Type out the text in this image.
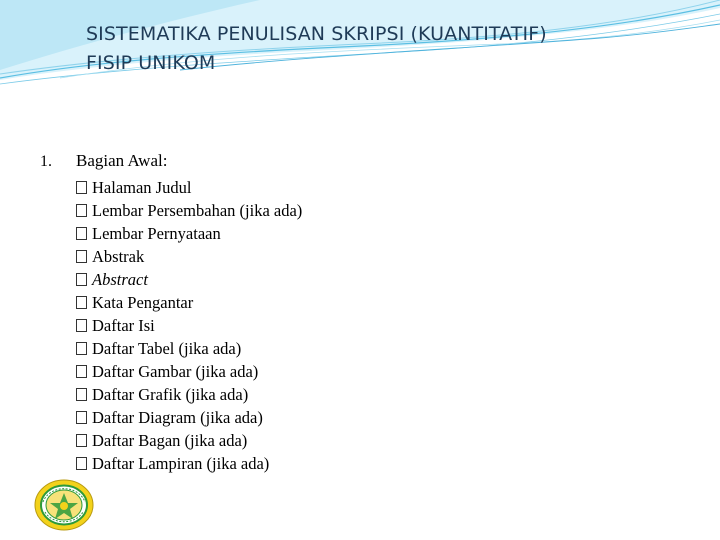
SISTEMATIKA PENULISAN SKRIPSI (KUANTITATIF)
FISIP UNIKOM
1. Bagian Awal:
Halaman Judul
Lembar Persembahan (jika ada)
Lembar Pernyataan
Abstrak
Abstract
Kata Pengantar
Daftar Isi
Daftar Tabel (jika ada)
Daftar Gambar (jika ada)
Daftar Grafik (jika ada)
Daftar Diagram (jika ada)
Daftar Bagan (jika ada)
Daftar Lampiran (jika ada)
